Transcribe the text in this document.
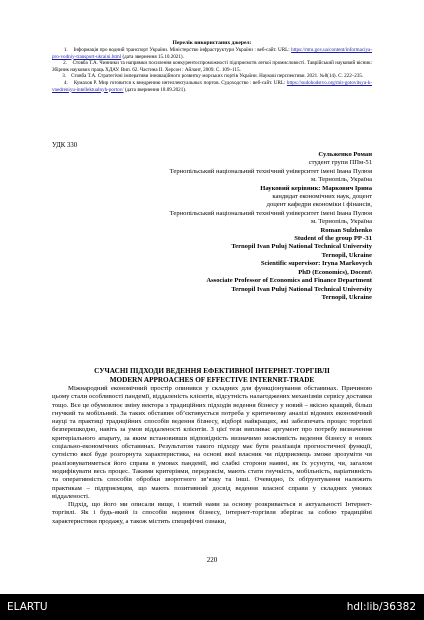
Перелік використаних джерел:

1. Інформація про водний транспорт України. Міністерство інфраструктури України : веб-сайт. URL: https://mtu.gov.ua/content/informaciya-pro-vodniy-transport-ukraini.html (дата звернення 15.10.2021).

2. Стовба Т.А. Чинники та напрямки посилення конкурентоспроможності підприємств легкої промисловості. Таврійський науковий вісник: Збірник наукових праць ХДАУ. Вип. 62. Частина ІІ. Херсон : Айлант, 2009. С. 109–115.

3. Стовба Т.А. Стратегічні імперативи інноваційного розвитку морських портів України. Наукові перспективи. 2021. №8(14). С. 222–235.

4. Кумахов Р. Мир готовится к внедрению интеллектуальных портов. Судоходство : веб-сайт. URL: https://sudohodstvo.org/mir-gotovitsya-k-vnedreniyu-intellektualnyh-portov/ (дата звернення 18.09.2021).

УДК 330
Сульженко Роман
студент групи ППм-51
Тернопільський національний технічний університет імені Івана Пулюя
м. Тернопіль, Україна
Науковий керівник: Маркович Ірина
кандидат економічних наук, доцент
доцент кафедри економіки і фінансів,
Тернопільський національний технічний університет імені Івана Пулюя
м. Тернопіль, Україна
Roman Sulzhenko
Student of the group PP -31
Ternopil Ivan Puluj National Technical University
Ternopil, Ukraine
Scientific supervisor: Iryna Markovych
PhD (Economics), Docent\
Associate Professor of Economics and Finance Department
Ternopil Ivan Puluj National Technical University
Ternopil, Ukraine
СУЧАСНІ ПІДХОДИ ВЕДЕННЯ ЕФЕКТИВНОЇ ІНТЕРНЕТ-ТОРГІВЛІ
MODERN APPROACHES OF EFFECTIVE INTERNRT-TRADE

Міжнародний економічний простір опинився у складних для функціонування обставинах. Причиною цьому стали особливості пандемії, віддаленість клієнтів, відсутність налагоджених механізмів сервісу доставки тощо. Все це обумовлює зміну вектора з традиційних підходів ведення бізнесу у новий – якісно кращий, більш гнучкий та мобільний. За таких обставин об’єктивується потреба у критичному аналізі відомих економічний науці та практиці традиційних способів ведення бізнесу, відборі найкращих, які забезпечать процес торгівлі безперешкодно, навіть за умов віддаленості клієнтів. З цієї тези випливає аргумент про потребу визначення критеріального апарату, за яким встановивши відповідність визначимо можливість ведення бізнесу в нових соціально-економічних обставинах. Результатом такого підходу має бути реалізація прогностичної функції, сутністю якої буде розгорнута характеристика, на основі якої власник чи підприємець зможе зрозуміти чи реалізовуватиметься його справа в умовах пандемії, які слабкі сторони наявні, як їх усунути, чи, загалом модифікувати весь процес. Такими критеріями, передовсім, мають стати гнучкість, мобільність, варіативність та оперативність способів обробки зворотного зв’язку та інші. Очевидно, їх обґрунтування належить практикам – підприємцям, що мають позитивний досвід ведення власної справи у складних умовах віддаленості.

Підхід, що його ми описали вище, і взятий нами за основу розкривається в актуальності Інтернет-торгівлі. Як і будь-який із способів ведення бізнесу, інтернет-торгівля зберігає за собою традиційні характеристики продажу, а також містить специфічні ознаки,

220
ELARTU	hdl:lib/36382
